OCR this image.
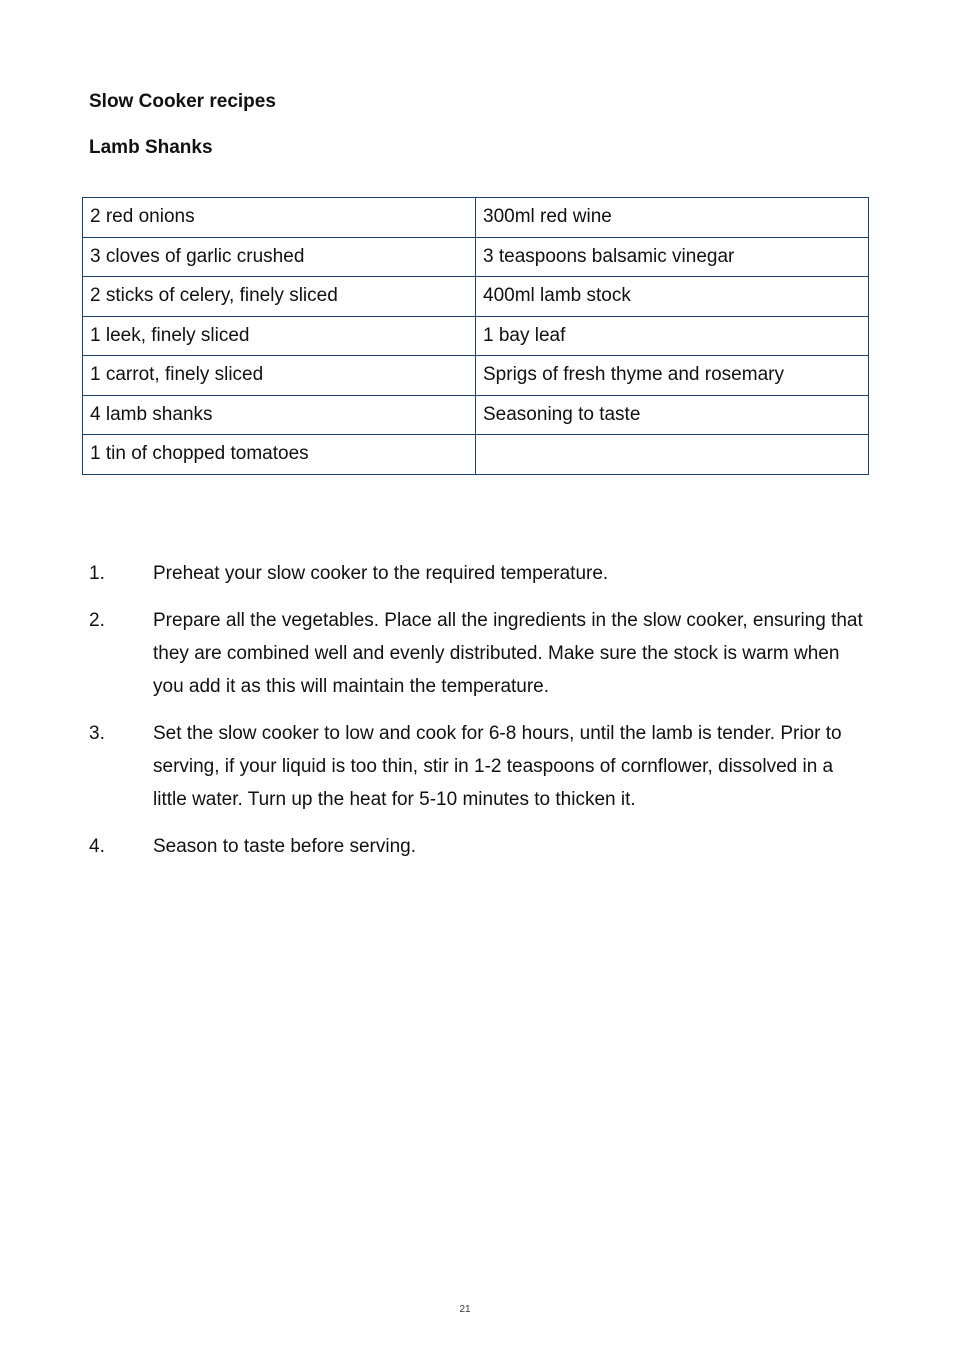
Slow Cooker recipes
Lamb Shanks
2 red onions	300ml red wine
3 cloves of garlic crushed	3 teaspoons balsamic vinegar
2 sticks of celery, finely sliced	400ml lamb stock
1 leek, finely sliced	1 bay leaf
1 carrot, finely sliced	Sprigs of fresh thyme and rosemary
4 lamb shanks	Seasoning to taste
1 tin of chopped tomatoes	
1.	Preheat your slow cooker to the required temperature.
2.	Prepare all the vegetables. Place all the ingredients in the slow cooker, ensuring that they are combined well and evenly distributed. Make sure the stock is warm when you add it as this will maintain the temperature.
3.	Set the slow cooker to low and cook for 6-8 hours, until the lamb is tender. Prior to serving, if your liquid is too thin, stir in 1-2 teaspoons of cornflower, dissolved in a little water. Turn up the heat for 5-10 minutes to thicken it.
4.	Season to taste before serving.
21
